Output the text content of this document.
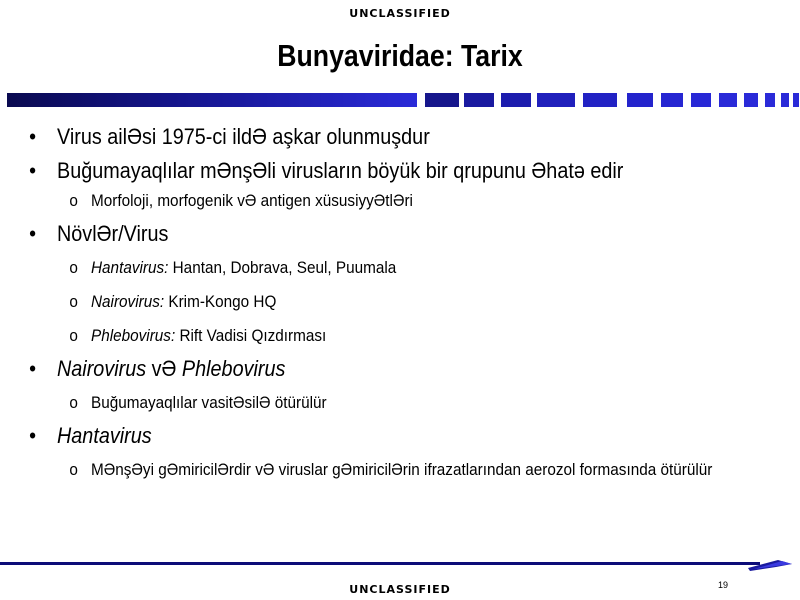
UNCLASSIFIED
Bunyaviridae: Tarix
• Virus ailƏsi 1975-ci ildƏ aşkar olunmuşdur
• Buğumayaqlılar mƏnşƏli virusların böyük bir qrupunu Əhatə edir
o Morfoloji, morfogenik vƏ antigen xüsusiyyƏtlƏri
• NövlƏr/Virus
o Hantavirus: Hantan, Dobrava, Seul, Puumala
o Nairovirus: Krim-Kongo HQ
o Phlebovirus: Rift Vadisi Qızdırması
• Nairovirus vƏ Phlebovirus
o Buğumayaqlılar vasitƏsilƏ ötürülür
• Hantavirus
o MƏnşƏyi gƏmiricilƏrdir vƏ viruslar gƏmiricilƏrin ifrazatlarından aerozol formasında ötürülür
19
UNCLASSIFIED
